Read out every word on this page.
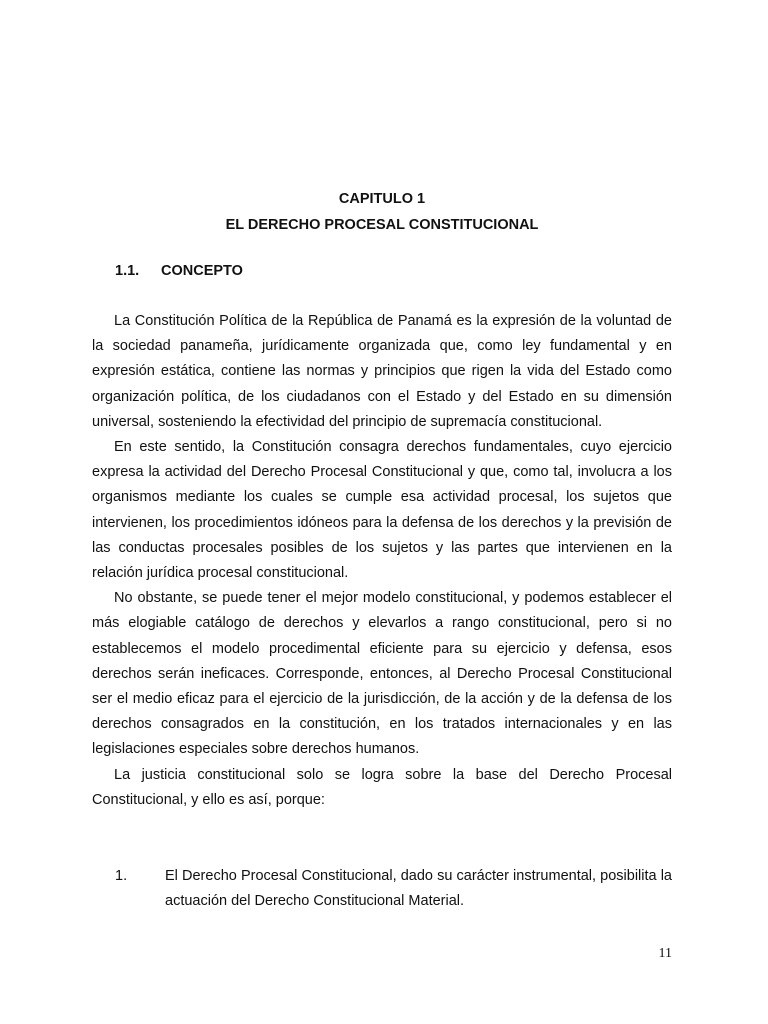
CAPITULO 1
EL DERECHO PROCESAL CONSTITUCIONAL
1.1. CONCEPTO

La Constitución Política de la República de Panamá es la expresión de la voluntad de la sociedad panameña, jurídicamente organizada que, como ley fundamental y en expresión estática, contiene las normas y principios que rigen la vida del Estado como organización política, de los ciudadanos con el Estado y del Estado en su dimensión universal, sosteniendo la efectividad del principio de supremacía constitucional.

En este sentido, la Constitución consagra derechos fundamentales, cuyo ejercicio expresa la actividad del Derecho Procesal Constitucional y que, como tal, involucra a los organismos mediante los cuales se cumple esa actividad procesal, los sujetos que intervienen, los procedimientos idóneos para la defensa de los derechos y la previsión de las conductas procesales posibles de los sujetos y las partes que intervienen en la relación jurídica procesal constitucional.

No obstante, se puede tener el mejor modelo constitucional, y podemos establecer el más elogiable catálogo de derechos y elevarlos a rango constitucional, pero si no establecemos el modelo procedimental eficiente para su ejercicio y defensa, esos derechos serán ineficaces. Corresponde, entonces, al Derecho Procesal Constitucional ser el medio eficaz para el ejercicio de la jurisdicción, de la acción y de la defensa de los derechos consagrados en la constitución, en los tratados internacionales y en las legislaciones especiales sobre derechos humanos.

La justicia constitucional solo se logra sobre la base del Derecho Procesal Constitucional, y ello es así, porque:

1.	El Derecho Procesal Constitucional, dado su carácter instrumental, posibilita la actuación del Derecho Constitucional Material.
11
